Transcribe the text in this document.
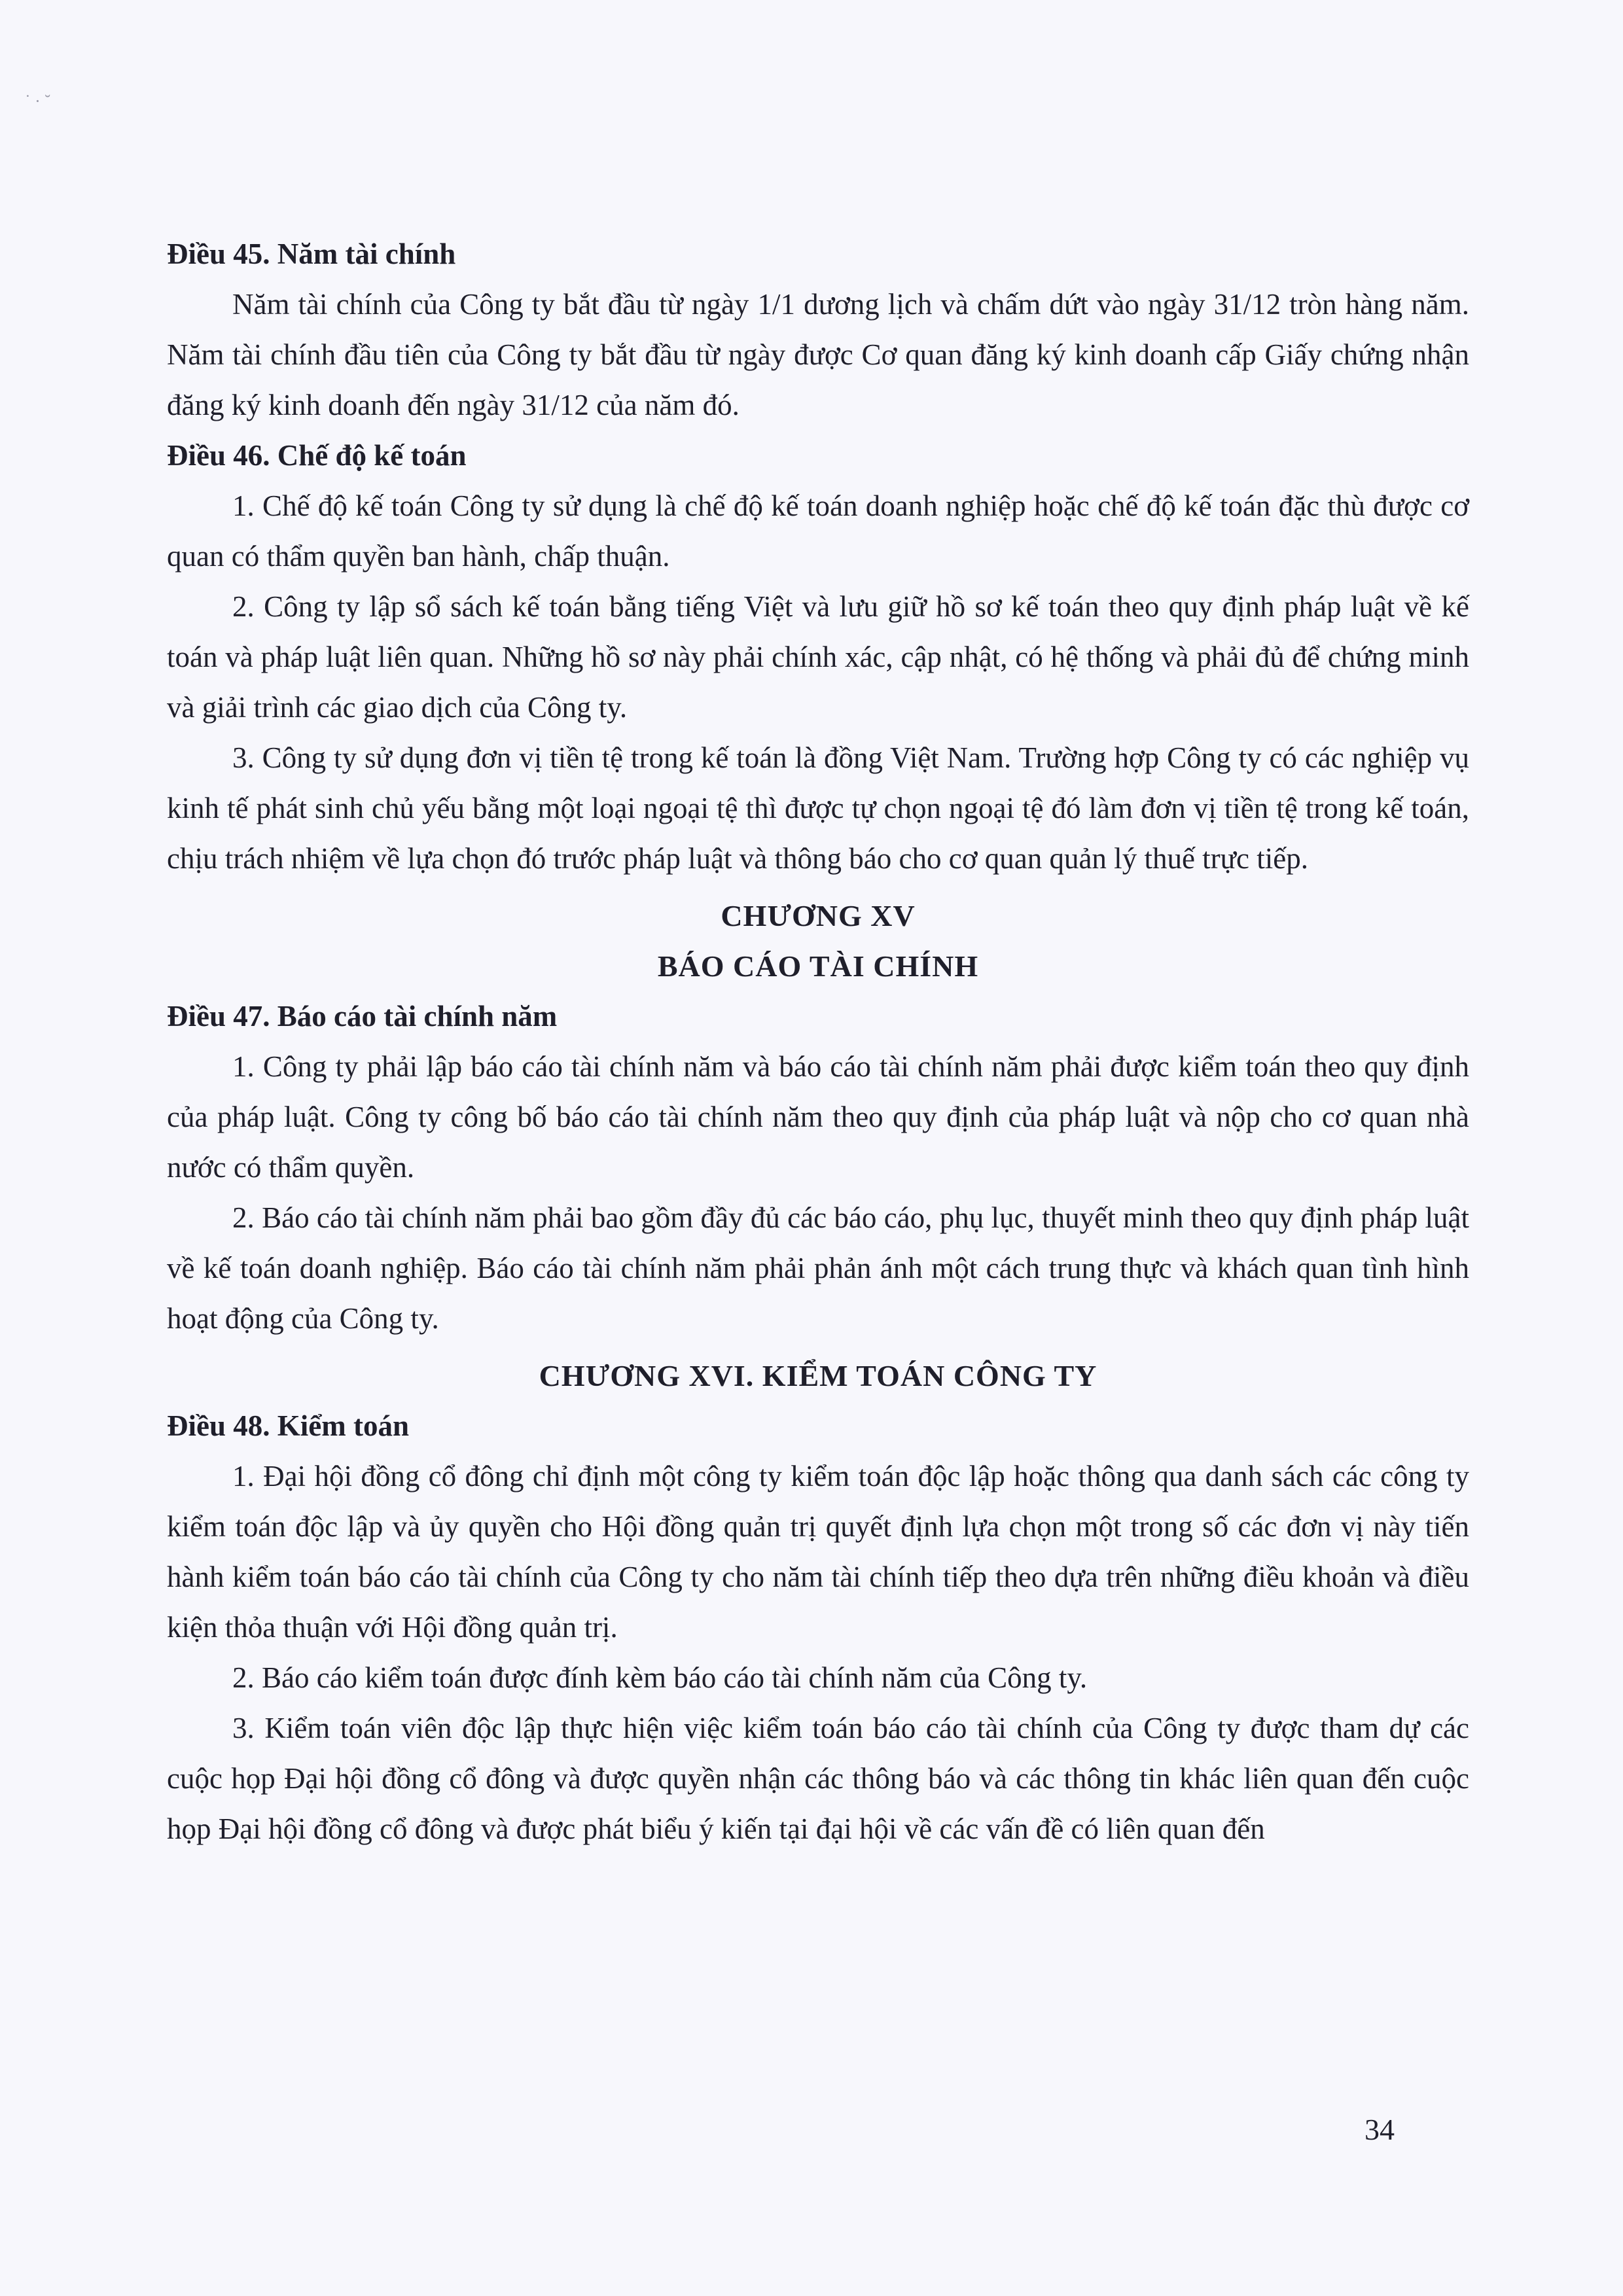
˙ · ˘

Điều 45. Năm tài chính

Năm tài chính của Công ty bắt đầu từ ngày 1/1 dương lịch và chấm dứt vào ngày 31/12 tròn hàng năm. Năm tài chính đầu tiên của Công ty bắt đầu từ ngày được Cơ quan đăng ký kinh doanh cấp Giấy chứng nhận đăng ký kinh doanh đến ngày 31/12 của năm đó.

Điều 46. Chế độ kế toán

1. Chế độ kế toán Công ty sử dụng là chế độ kế toán doanh nghiệp hoặc chế độ kế toán đặc thù được cơ quan có thẩm quyền ban hành, chấp thuận.

2. Công ty lập sổ sách kế toán bằng tiếng Việt và lưu giữ hồ sơ kế toán theo quy định pháp luật về kế toán và pháp luật liên quan. Những hồ sơ này phải chính xác, cập nhật, có hệ thống và phải đủ để chứng minh và giải trình các giao dịch của Công ty.

3. Công ty sử dụng đơn vị tiền tệ trong kế toán là đồng Việt Nam. Trường hợp Công ty có các nghiệp vụ kinh tế phát sinh chủ yếu bằng một loại ngoại tệ thì được tự chọn ngoại tệ đó làm đơn vị tiền tệ trong kế toán, chịu trách nhiệm về lựa chọn đó trước pháp luật và thông báo cho cơ quan quản lý thuế trực tiếp.

CHƯƠNG XV

BÁO CÁO TÀI CHÍNH

Điều 47. Báo cáo tài chính năm

1. Công ty phải lập báo cáo tài chính năm và báo cáo tài chính năm phải được kiểm toán theo quy định của pháp luật. Công ty công bố báo cáo tài chính năm theo quy định của pháp luật và nộp cho cơ quan nhà nước có thẩm quyền.

2. Báo cáo tài chính năm phải bao gồm đầy đủ các báo cáo, phụ lục, thuyết minh theo quy định pháp luật về kế toán doanh nghiệp. Báo cáo tài chính năm phải phản ánh một cách trung thực và khách quan tình hình hoạt động của Công ty.

CHƯƠNG XVI. KIỂM TOÁN CÔNG TY

Điều 48. Kiểm toán

1. Đại hội đồng cổ đông chỉ định một công ty kiểm toán độc lập hoặc thông qua danh sách các công ty kiểm toán độc lập và ủy quyền cho Hội đồng quản trị quyết định lựa chọn một trong số các đơn vị này tiến hành kiểm toán báo cáo tài chính của Công ty cho năm tài chính tiếp theo dựa trên những điều khoản và điều kiện thỏa thuận với Hội đồng quản trị.

2. Báo cáo kiểm toán được đính kèm báo cáo tài chính năm của Công ty.

3. Kiểm toán viên độc lập thực hiện việc kiểm toán báo cáo tài chính của Công ty được tham dự các cuộc họp Đại hội đồng cổ đông và được quyền nhận các thông báo và các thông tin khác liên quan đến cuộc họp Đại hội đồng cổ đông và được phát biểu ý kiến tại đại hội về các vấn đề có liên quan đến

34
